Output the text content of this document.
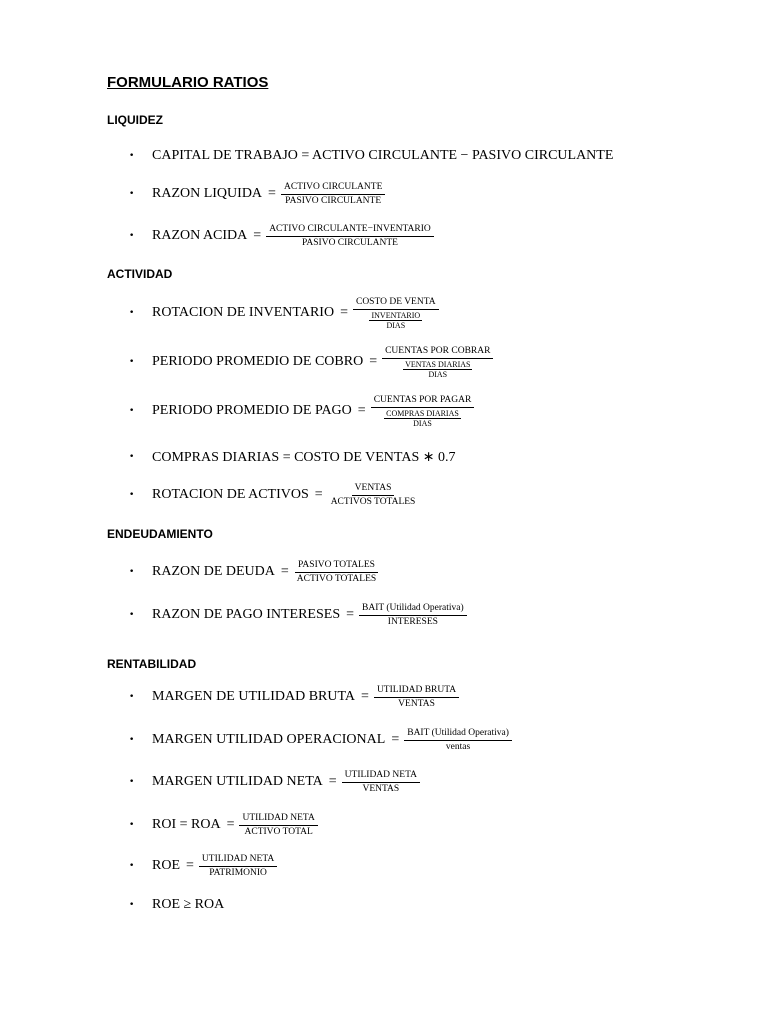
FORMULARIO RATIOS
LIQUIDEZ
•	CAPITAL DE TRABAJO = ACTIVO CIRCULANTE − PASIVO CIRCULANTE
•	RAZON LIQUIDA = $\frac{\text{ACTIVO CIRCULANTE}}{\text{PASIVO CIRCULANTE}}$
•	RAZON ACIDA = $\frac{\text{ACTIVO CIRCULANTE−INVENTARIO}}{\text{PASIVO CIRCULANTE}}$
ACTIVIDAD
•	ROTACION DE INVENTARIO = COSTO DE VENTA
INVENTARIO
DIAS
•	PERIODO PROMEDIO DE COBRO = CUENTAS POR COBRAR
VENTAS DIARIAS
DIAS
•	PERIODO PROMEDIO DE PAGO = CUENTAS POR PAGAR
COMPRAS DIARIAS
DIAS
•	COMPRAS DIARIAS = COSTO DE VENTAS ∗ 0.7
•	ROTACION DE ACTIVOS = $\frac{\text{VENTAS}}{\text{ACTIVOS TOTALES}}$
ENDEUDAMIENTO
•	RAZON DE DEUDA = $\frac{\text{PASIVO TOTALES}}{\text{ACTIVO TOTALES}}$
•	RAZON DE PAGO INTERESES = $\frac{\text{BAIT (Utilidad Operativa)}}{\text{INTERESES}}$
RENTABILIDAD
•	MARGEN DE UTILIDAD BRUTA = $\frac{\text{UTILIDAD BRUTA}}{\text{VENTAS}}$
•	MARGEN UTILIDAD OPERACIONAL = $\frac{\text{BAIT (Utilidad Operativa)}}{\text{ventas}}$
•	MARGEN UTILIDAD NETA = $\frac{\text{UTILIDAD NETA}}{\text{VENTAS}}$
•	ROI = ROA = $\frac{\text{UTILIDAD NETA}}{\text{ACTIVO TOTAL}}$
•	ROE = $\frac{\text{UTILIDAD NETA}}{\text{PATRIMONIO}}$
•	ROE ≥ ROA
